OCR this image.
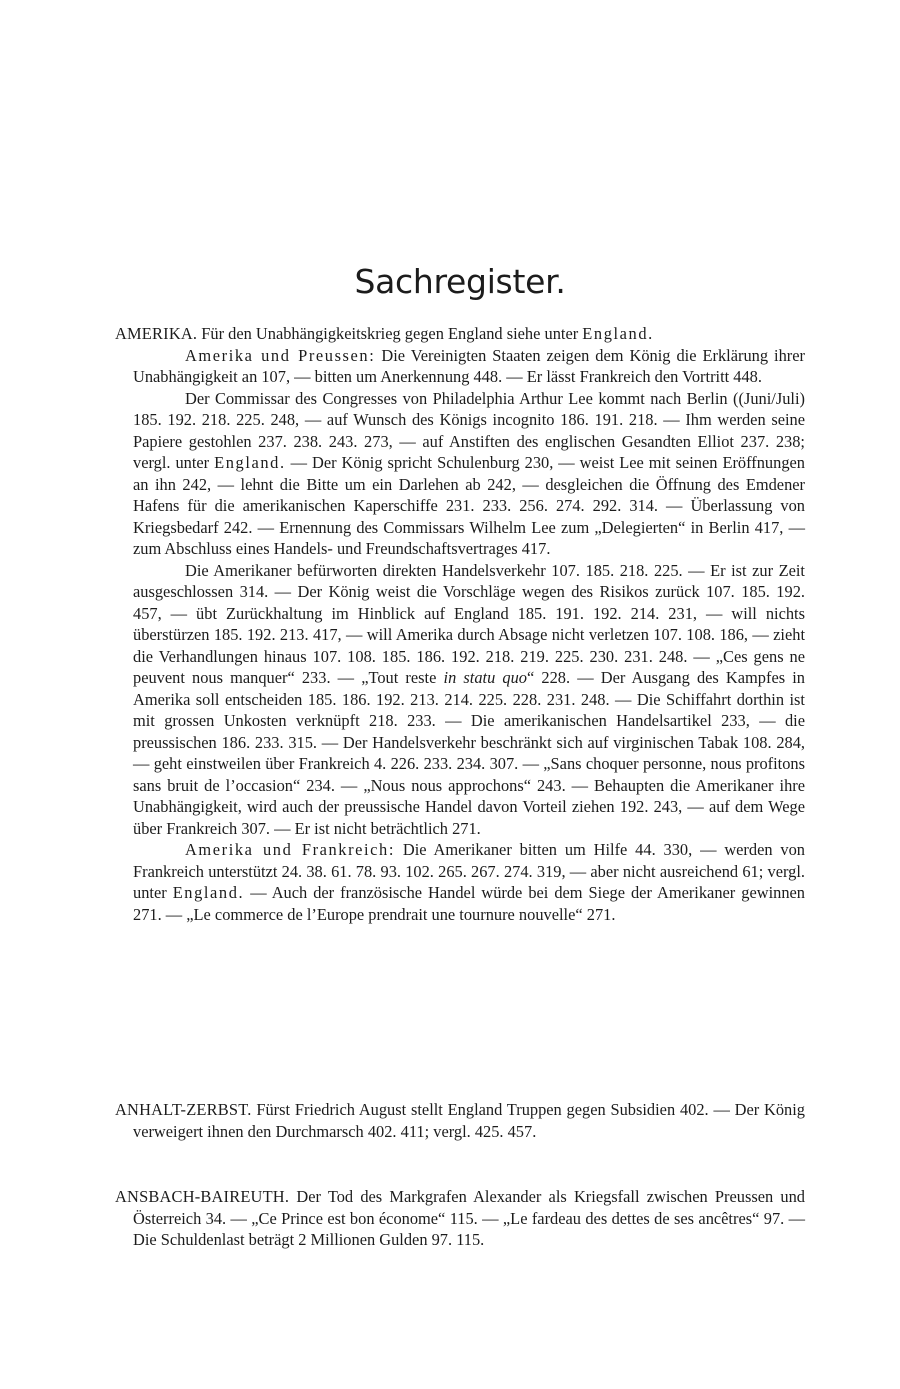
Sachregister.

AMERIKA. Für den Unabhängigkeitskrieg gegen England siehe unter England.

Amerika und Preussen: Die Vereinigten Staaten zeigen dem König die Erklärung ihrer Unabhängigkeit an 107, — bitten um Anerkennung 448. — Er lässt Frankreich den Vortritt 448.

Der Commissar des Congresses von Philadelphia Arthur Lee kommt nach Berlin ((Juni/Juli) 185. 192. 218. 225. 248, — auf Wunsch des Königs incognito 186. 191. 218. — Ihm werden seine Papiere gestohlen 237. 238. 243. 273, — auf Anstiften des englischen Gesandten Elliot 237. 238; vergl. unter England. — Der König spricht Schulenburg 230, — weist Lee mit seinen Eröffnungen an ihn 242, — lehnt die Bitte um ein Darlehen ab 242, — desgleichen die Öffnung des Emdener Hafens für die amerikanischen Kaperschiffe 231. 233. 256. 274. 292. 314. — Überlassung von Kriegsbedarf 242. — Ernennung des Commissars Wilhelm Lee zum „Delegierten“ in Berlin 417, — zum Abschluss eines Handels- und Freundschaftsvertrages 417.

Die Amerikaner befürworten direkten Handelsverkehr 107. 185. 218. 225. — Er ist zur Zeit ausgeschlossen 314. — Der König weist die Vorschläge wegen des Risikos zurück 107. 185. 192. 457, — übt Zurückhaltung im Hinblick auf England 185. 191. 192. 214. 231, — will nichts überstürzen 185. 192. 213. 417, — will Amerika durch Absage nicht verletzen 107. 108. 186, — zieht die Verhandlungen hinaus 107. 108. 185. 186. 192. 218. 219. 225. 230. 231. 248. — „Ces gens ne peuvent nous manquer“ 233. — „Tout reste in statu quo“ 228. — Der Ausgang des Kampfes in Amerika soll entscheiden 185. 186. 192. 213. 214. 225. 228. 231. 248. — Die Schiffahrt dorthin ist mit grossen Unkosten verknüpft 218. 233. — Die amerikanischen Handelsartikel 233, — die preussischen 186. 233. 315. — Der Handelsverkehr beschränkt sich auf virginischen Tabak 108. 284, — geht einstweilen über Frankreich 4. 226. 233. 234. 307. — „Sans choquer personne, nous profitons sans bruit de l’occasion“ 234. — „Nous nous approchons“ 243. — Behaupten die Amerikaner ihre Unabhängigkeit, wird auch der preussische Handel davon Vorteil ziehen 192. 243, — auf dem Wege über Frankreich 307. — Er ist nicht beträchtlich 271.

Amerika und Frankreich: Die Amerikaner bitten um Hilfe 44. 330, — werden von Frankreich unterstützt 24. 38. 61. 78. 93. 102. 265. 267. 274. 319, — aber nicht ausreichend 61; vergl. unter England. — Auch der französische Handel würde bei dem Siege der Amerikaner gewinnen 271. — „Le commerce de l’Europe prendrait une tournure nouvelle“ 271.

ANHALT-ZERBST. Fürst Friedrich August stellt England Truppen gegen Subsidien 402. — Der König verweigert ihnen den Durchmarsch 402. 411; vergl. 425. 457.

ANSBACH-BAIREUTH. Der Tod des Markgrafen Alexander als Kriegsfall zwischen Preussen und Österreich 34. — „Ce Prince est bon économe“ 115. — „Le fardeau des dettes de ses ancêtres“ 97. — Die Schuldenlast beträgt 2 Millionen Gulden 97. 115.
